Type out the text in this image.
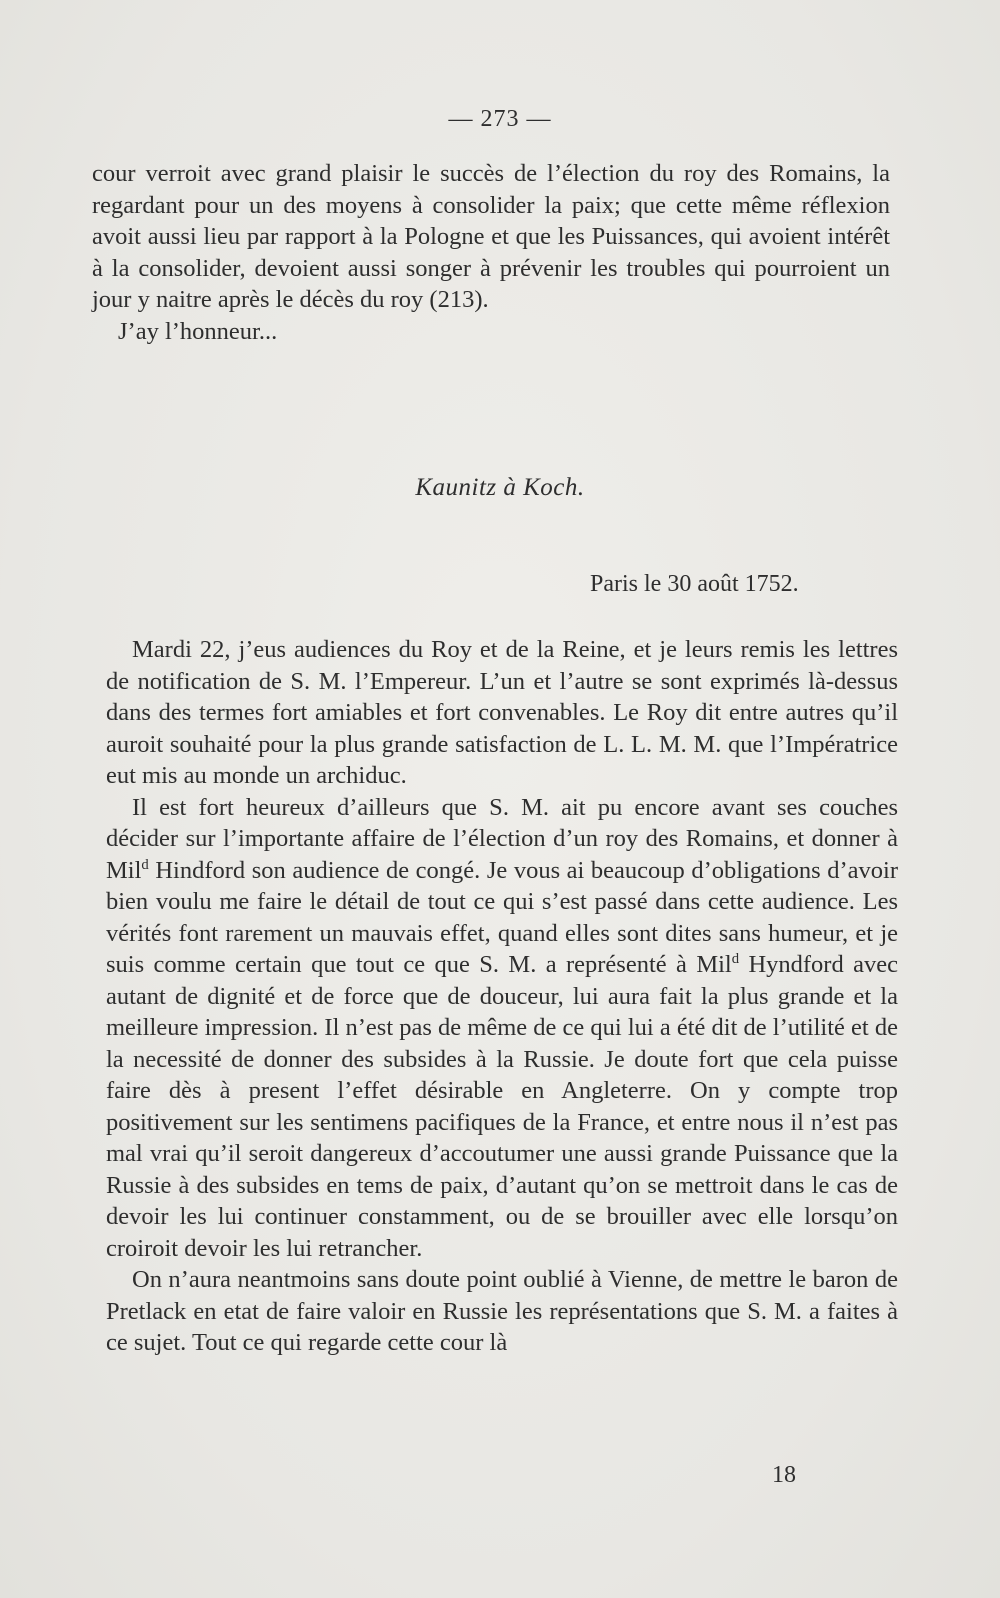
— 273 —

cour verroit avec grand plaisir le succès de l’élection du roy des Romains, la regardant pour un des moyens à consolider la paix; que cette même réflexion avoit aussi lieu par rapport à la Pologne et que les Puissances, qui avoient intérêt à la consolider, devoient aussi songer à prévenir les troubles qui pourroient un jour y naitre après le décès du roy (213).

J’ay l’honneur...

Kaunitz à Koch.
Paris le 30 août 1752.

Mardi 22, j’eus audiences du Roy et de la Reine, et je leurs remis les lettres de notification de S. M. l’Empereur. L’un et l’autre se sont exprimés là-dessus dans des termes fort amiables et fort convenables. Le Roy dit entre autres qu’il auroit souhaité pour la plus grande satisfaction de L. L. M. M. que l’Impératrice eut mis au monde un archiduc.

Il est fort heureux d’ailleurs que S. M. ait pu encore avant ses couches décider sur l’importante affaire de l’élection d’un roy des Romains, et donner à Mil$^d$ Hindford son audience de congé. Je vous ai beaucoup d’obligations d’avoir bien voulu me faire le détail de tout ce qui s’est passé dans cette audience. Les vérités font rarement un mauvais effet, quand elles sont dites sans humeur, et je suis comme certain que tout ce que S. M. a représenté à Mil$^d$ Hyndford avec autant de dignité et de force que de douceur, lui aura fait la plus grande et la meilleure impression. Il n’est pas de même de ce qui lui a été dit de l’utilité et de la necessité de donner des subsides à la Russie. Je doute fort que cela puisse faire dès à present l’effet désirable en Angleterre. On y compte trop positivement sur les sentimens pacifiques de la France, et entre nous il n’est pas mal vrai qu’il seroit dangereux d’accoutumer une aussi grande Puissance que la Russie à des subsides en tems de paix, d’autant qu’on se mettroit dans le cas de devoir les lui continuer constamment, ou de se brouiller avec elle lorsqu’on croiroit devoir les lui retrancher.

On n’aura neantmoins sans doute point oublié à Vienne, de mettre le baron de Pretlack en etat de faire valoir en Russie les représentations que S. M. a faites à ce sujet. Tout ce qui regarde cette cour là

18
